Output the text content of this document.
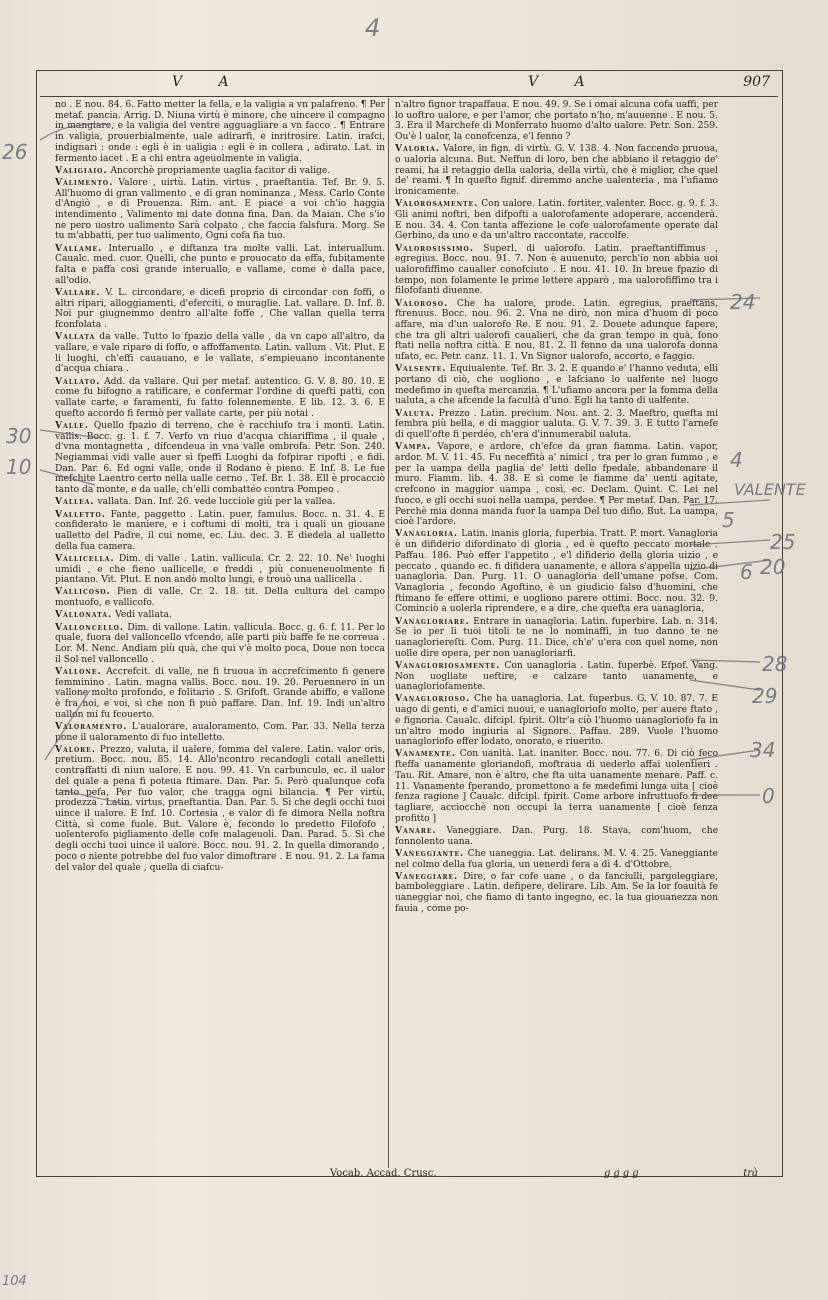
V A	V A	907

no . E nou. 84. 6. Fatto metter la fella, e la valigia a vn palafreno. ¶ Per metaf. pancia. Arrig. D. Niuna virtù è minore, che uincere il compagno in mangiare, e la valigia del ventre agguagliare a vn facco . ¶ Entrare in valigia, prouerbialmente, uale adirarfi, e inritrosire. Latin. irafci, indignari : onde : egli è in ualigia : egli è in collera , adirato. Lat. in fermento iacet . E a chi entra ageuolmente in valigia.

Valigiaio. Ancorchè propriamente uaglia facitor di valige.

Valimento. Valore , uirtù. Latin. virtus , praeftantia. Tef. Br. 9. 5. All'huomo di gran valimento , e di gran nominanza , Mess. Carlo Conte d'Angiò , e di Prouenza. Rim. ant. E piace a voi ch'io haggia intendimento , Valimento mi date donna fina. Dan. da Maian. Che s'io ne pero uostro ualimento Sarà colpato , che faccia falsfura. Morg. Se tu m'abbatti, per tuo ualimento, Ogni cofa fia tuo.

Vallame. Interuallo , e diftanza tra molte valli. Lat. interuallum. Caualc. med. cuor. Quelli, che punto e prouocato da effa, fubitamente falta e paffa così grande interuallo, e vallame, come è dalla pace, all'odio.

Vallare. V. L. circondare, e dicefi proprio di circondar con foffi, o altri ripari, alloggiamenti, d'eferciti, o muraglie. Lat. vallare. D. Inf. 8. Noi pur giugnemmo dentro all'alte foffe , Che vallan quella terra fconfolata .

Vallata da valle. Tutto lo fpazio della valle , da vn capo all'altro, da vallare, e vale riparo di foffo, o affoffamento. Latin. vallum . Vit. Plut. E li luoghi, ch'effi cauauano, e le vallate, s'empieuano incontanente d'acqua chiara .

Vallato. Add. da vallare. Qui per metaf. autentico. G. V. 8. 80. 10. E come fu bifogno a ratificare, e confermar l'ordine di quefti patti, con vallate carte, e faramenti, fu fatto folennemente. E lib. 12. 3. 6. E quefto accordo fi fermò per vallate carte, per più notai .

Valle. Quello fpazio di terreno, che è racchiufo tra i monti. Latin. vallis. Bocc. g. 1. f. 7. Verfo vn riuo d'acqua chiariffima , il quale , d'vna montagnetta , difcendeua in vna valle ombrofa. Petr. Son. 240. Negiammai vidi valle auer sì fpeffi Luoghi da fofpirar ripofti , e fidi. Dan. Par. 6. Ed ogni valle, onde il Rodano è pieno. E Inf. 8. Le fue mefchite Laentro certo nella ualle cerno . Tef. Br. 1. 38. Ell è procacciò tanto da monte, e da ualle, ch'elli combattéo contra Pompeo .

Vallea. vallata. Dan. Inf. 26. vede lucciole giù per la vallea.

Valletto. Fante, paggetto . Latin. puer, famulus. Bocc. n. 31. 4. E confiderato le maniere, e i coftumi di molti, tra i quali un giouane ualletto del Padre, il cui nome, ec. Liu. dec. 3. E diedela al ualletto della fua camera.

Vallicella. Dim. di valle . Latin. vallicula. Cr. 2. 22. 10. Ne' luoghi umidi , e che fieno uallicelle, e freddi , più conueneuolmente fi piantano. Vit. Plut. E non andò molto lungi, e trouò una uallicella .

Vallicoso. Pien di valle. Cr. 2. 18. tit. Della cultura del campo montuofo, e vallicofo.

Vallonata. Vedi vallata.

Valloncello. Dim. di vallone. Latin. vallicula. Bocc. g. 6. f. 11. Per lo quale, fuora del valloncello vfcendo, alle parti più baffe fe ne correua . Lor. M. Nenc. Andiam più quà, che qui v'è molto poca, Doue non tocca il Sol nel valloncello .

Vallone. Accrefcit. di valle, ne fi truoua in accrefcimento fi genere femminino . Latin. magna vallis. Bocc. nou. 19. 20. Peruennero in un vallone molto profondo, e folitario . S. Grifoft. Grande abiffo, e vallone è fra noi, e voi, sì che non fi può paffare. Dan. Inf. 19. Indi un'altro uallon mi fu fcouerto.

Valoramento. L'aualorare, aualoramento. Com. Par. 33. Nella terza pone il ualoramento di fuo intelletto.

Valore. Prezzo, valuta, il ualere, fomma del valere. Latin. valor oris, pretium. Bocc. nou. 85. 14. Allo'ncontro recandogli cotali anelletti contraffatti di niun ualore. E nou. 99. 41. Vn carbunculo, ec. il ualor del quale a pena fi poteua ftimare. Dan. Par. 5. Però qualunque cofa tanto pefa, Per fuo valor, che tragga ogni bilancia. ¶ Per virtù, prodezza . Latin. virtus, praeftantia. Dan. Par. 5. Sì che degli occhi tuoi uince il ualore. E Inf. 10. Cortesia , e valor dì fe dimora Nella noftra Città, sì come fuole. But. Valore è, fecondo lo predetto Filofofo , uolenterofo pigliamento delle cofe malageuoli. Dan. Parad. 5. Sì che degli occhi tuoi uince il ualore. Bocc. nou. 91. 2. In quella dimorando , poco o niente potrebbe del fuo valor dimoftrare . E nou. 91. 2. La fama del valor del quale , quella di ciafcu-

n'altro fignor trapaffaua. E nou. 49. 9. Se i omai alcuna cofa uaffi, per lo uoftro ualore, e per l'amor, che portato n'ho, m'auuenne . E nou. 5. 3. Era il Marchefe di Monferrato huomo d'alto ualore. Petr. Son. 259. Ou'è l ualor, la conofcenza, e'l fenno ?

Valoria. Valore, in fign. di virtù. G. V. 138. 4. Non faccendo pruoua, o ualoria alcuna. But. Neffun di loro, ben che abbiano il retaggio de' reami, ha il retaggio della ualoria, della virtù, che è miglior, che quel de' reami. ¶ In quefto fignif. diremmo anche ualenteria , ma l'ufiamo ironicamente.

Valorosamente. Con ualore. Latin. fortiter, valenter. Bocc. g. 9. f. 3. Gli animi noftri, ben difpofti a ualorofamente adoperare, accenderà. E nou. 34. 4. Con tanta affezione le cofe ualorofamente operate dal Gerbino, da uno e da un'altro raccontate, raccolfe.

Valorosissimo. Superl. di ualorofo. Latin. praeftantiffimus , egregius. Bocc. nou. 91. 7. Non è auuenuto, perch'io non abbia uoi ualorofiffimo caualier conofciuto . E nou. 41. 10. In breue fpazio di tempo, non folamente le prime lettere apparò , ma ualorofiffimo tra i filofofanti diuenne.

Valoroso. Che ha ualore, prode. Latin. egregius, praeftans, ftrenuus. Bocc. nou. 96. 2. Vna ne dirò, non mica d'huom di poco affare, ma d'un ualorofo Re. E nou. 91. 2. Douete adunque fapere, che tra gli altri ualorofi caualieri, che da gran tempo in quà, fono ftati nella noftra città. E nou. 81. 2. Il fenno da una ualorofa donna ufato, ec. Petr. canz. 11. 1. Vn Signor ualorofo, accorto, e faggio.

Valsente. Equiualente. Tef. Br. 3. 2. E quando e' l'hanno veduta, elli portano di ciò, che uogliono , e lafciano lo ualfente nel luogo medefimo in quefta mercanzia. ¶ L'ufiamo ancora per la fomma della ualuta, a che afcende la facultà d'uno. Egli ha tanto di ualfente.

Valuta. Prezzo . Latin. precium. Nou. ant. 2. 3. Maeftro, quefta mi fembra più bella, e di maggior ualuta. G. V. 7. 39. 3. E tutto l'arnefe di quell'ofte fi perdéo, ch'era d'innumerabil ualuta.

Vampa. Vapore, e ardore, ch'efce da gran fiamma. Latin. vapor, ardor. M. V. 11. 45. Fu neceffità a' nimici , tra per lo gran fummo , e per la uampa della paglia de' letti dello fpedale, abbandonare il muro. Fiamm. lib. 4. 38. E sì come le fiamme da' uenti agitate, crefcono in maggior uampa , così, ec. Declam. Quint. C. Lei nel fuoco, e gli occhi suoi nella uampa, perdee. ¶ Per metaf. Dan. Par. 17. Perchè mia donna manda fuor la uampa Del tuo difìo. But. La uampa, cioè l'ardore.

Vanagloria. Latin. inanis gloria, fuperbia. Tratt. P. mort. Vanagloria è un difiderio difordinato di gloria , ed è quefto peccato mortale . Paffau. 186. Può effer l'appetito , e'l difiderio della gloria uizio , e peccato , quando ec. fi difidera uanamente, e allora s'appella uizio di uanagloria. Dan. Purg. 11. O uanagloria dell'umane pofse. Com. Vanagloria , fecondo Agoftino, è un giudicio falso d'huomini, che ftimano fe effere ottimi, e uogliono parere ottimi. Bocc. nou. 32. 9. Cominciò a uolerla riprendere, e a dire, che quefta era uanagloria.

Vanagloriare. Entrare in uanagloria. Latin. fuperbire. Lab. n. 314. Se io per li tuoi titoli te ne lo nominaffi, in tuo danno te ne uanagloriereſti. Com. Purg. 11. Dice, ch'e' u'era con quel nome, non uolle dire opera, per non uanagloriarfi.

Vanagloriosamente. Con uanagloria . Latin. fuperbè. Efpof. Vang. Non uogliate ueftire, e calzare tanto uanamente, e uanagloriofamente.

Vanaglorioso. Che ha uanagloria. Lat. fuperbus. G. V. 10. 87. 7. E uago di genti, e d'amici nuoui, e uanagloriofo molto, per auere ftato , e fignoria. Caualc. difcipl. fpirit. Oltr'a ciò l'huomo uanagloriofo fa in un'altro modo ingiuria al Signore. Paffau. 289. Vuole l'huomo uanagloriofo effer lodato, onorato, e riuerito.

Vanamente. Con uanità. Lat. inaniter. Bocc. nou. 77. 6. Di ciò feco fteffa uanamente gloriandofi, moftraua di uederlo affai uolentieri . Tau. Rit. Amare, non è altro, che fta uita uanamente menare. Paff. c. 11. Vanamente fperando, promettono a fe medefimi lunga uita [ cioè fenza ragione ] Caualc. difcipl. fpirit. Come arbore infruttuofo fi dee tagliare, acciocchè non occupi la terra uanamente [ cioè fenza profitto ]

Vanare. Vaneggiare. Dan. Purg. 18. Stava, com'huom, che fonnolento uana.

Vaneggiante. Che uaneggia. Lat. delirans. M. V. 4. 25. Vaneggiante nel colmo della fua gloria, un uenerdì fera a dì 4. d'Ottobre.

Vaneggiare. Dire, o far cofe uane , o da fanciulli, pargoleggiare, bamboleggiare . Latin. defipere, delirare. Lib. Am. Se la lor foauità fe uaneggiar noi, che fiamo di tanto ingegno, ec. la tua giouanezza non fauia , come po-

Vocab. Accad. Crusc.	gggg	trà
4
26
30
10
24
4
VALENTE
25
5
20
6
28
29
34
0
104
